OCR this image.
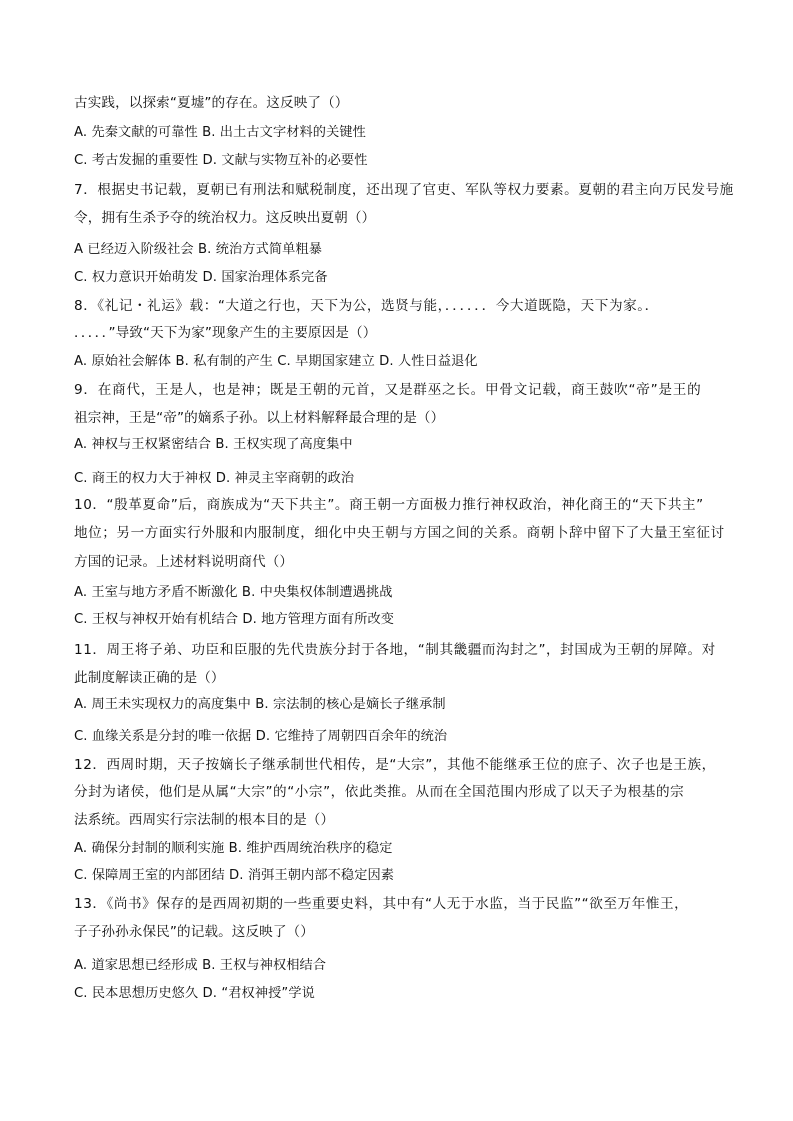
古实践，以探索“夏墟”的存在。这反映了（）
A. 先秦文献的可靠性 B. 出土古文字材料的关键性
C. 考古发掘的重要性 D. 文献与实物互补的必要性
7．根据史书记载，夏朝已有刑法和赋税制度，还出现了官吏、军队等权力要素。夏朝的君主向万民发号施
令，拥有生杀予夺的统治权力。这反映出夏朝（）
A 已经迈入阶级社会 B. 统治方式简单粗暴
C. 权力意识开始萌发 D. 国家治理体系完备
8．《礼记・礼运》载：“大道之行也，天下为公，选贤与能，．．．．．．今大道既隐，天下为家。．
．．．．．”导致“天下为家”现象产生的主要原因是（）
A. 原始社会解体 B. 私有制的产生 C. 早期国家建立 D. 人性日益退化
9．在商代，王是人，也是神；既是王朝的元首，又是群巫之长。甲骨文记载，商王鼓吹“帝”是王的
祖宗神，王是“帝”的嫡系子孙。以上材料解释最合理的是（）
A. 神权与王权紧密结合 B. 王权实现了高度集中
C. 商王的权力大于神权 D. 神灵主宰商朝的政治
10．“殷革夏命”后，商族成为“天下共主”。商王朝一方面极力推行神权政治，神化商王的“天下共主”
地位；另一方面实行外服和内服制度，细化中央王朝与方国之间的关系。商朝卜辞中留下了大量王室征讨
方国的记录。上述材料说明商代（）
A. 王室与地方矛盾不断激化 B. 中央集权体制遭遇挑战
C. 王权与神权开始有机结合 D. 地方管理方面有所改变
11．周王将子弟、功臣和臣服的先代贵族分封于各地，“制其畿疆而沟封之”，封国成为王朝的屏障。对
此制度解读正确的是（）
A. 周王未实现权力的高度集中 B. 宗法制的核心是嫡长子继承制
C. 血缘关系是分封的唯一依据 D. 它维持了周朝四百余年的统治
12．西周时期，天子按嫡长子继承制世代相传，是“大宗”，其他不能继承王位的庶子、次子也是王族，
分封为诸侯，他们是从属“大宗”的“小宗”，依此类推。从而在全国范围内形成了以天子为根基的宗
法系统。西周实行宗法制的根本目的是（）
A. 确保分封制的顺利实施 B. 维护西周统治秩序的稳定
C. 保障周王室的内部团结 D. 消弭王朝内部不稳定因素
13．《尚书》保存的是西周初期的一些重要史料，其中有“人无于水监，当于民监”“欲至万年惟王，
子子孙孙永保民”的记载。这反映了（）
A. 道家思想已经形成 B. 王权与神权相结合
C. 民本思想历史悠久 D. “君权神授”学说
